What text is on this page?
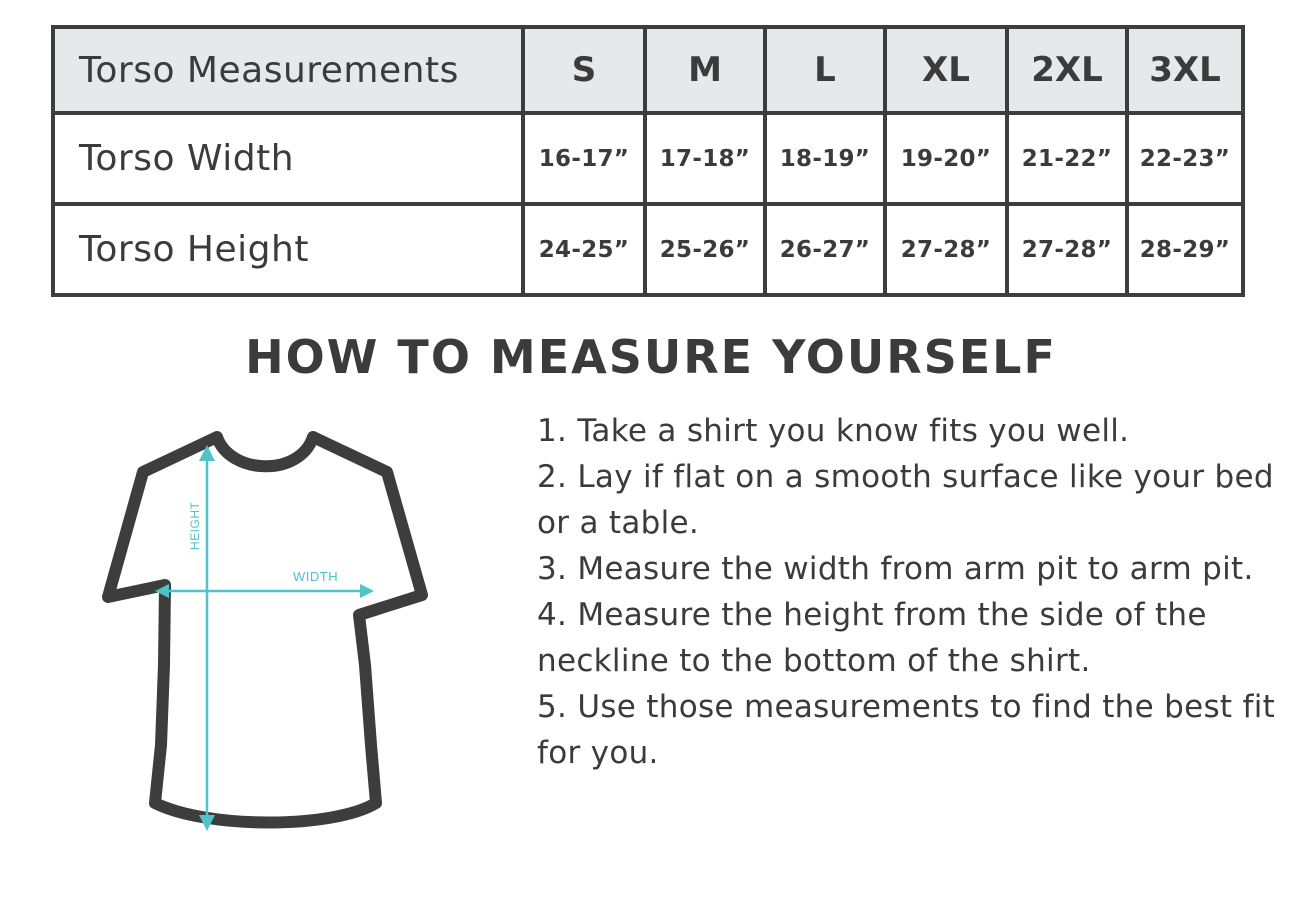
Torso Measurements	S	M	L	XL	2XL	3XL
Torso Width	16-17”	17-18”	18-19”	19-20”	21-22”	22-23”
Torso Height	24-25”	25-26”	26-27”	27-28”	27-28”	28-29”
HOW TO MEASURE YOURSELF
HEIGHT
WIDTH
1. Take a shirt you know fits you well.
2. Lay if flat on a smooth surface like your bed or a table.
3. Measure the width from arm pit to arm pit.
4. Measure the height from the side of the neckline to the bottom of the shirt.
5. Use those measurements to find the best fit for you.
